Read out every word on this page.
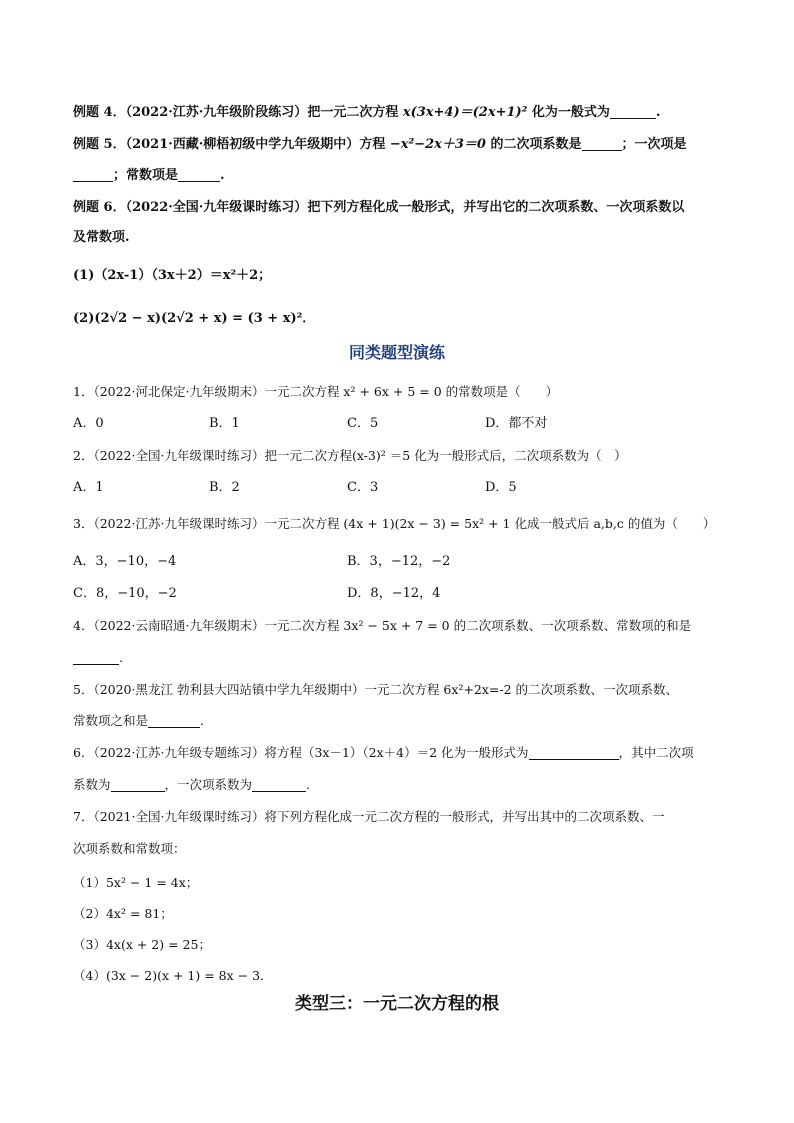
例题 4．（2022·江苏·九年级阶段练习）把一元二次方程 x(3x+4)＝(2x+1)² 化为一般式为	.
例题 5．（2021·西藏·柳梧初级中学九年级期中）方程 −x²−2x＋3＝0 的二次项系数是	；一次项是
；常数项是	.
例题 6．（2022·全国·九年级课时练习）把下列方程化成一般形式，并写出它的二次项系数、一次项系数以
及常数项.
(1)（2x-1）（3x＋2）＝x²＋2；
(2)(2√2 − x)(2√2 + x) = (3 + x)²．
同类题型演练
1．（2022·河北保定·九年级期末）一元二次方程 x² + 6x + 5 = 0 的常数项是（　　）
A．0	B．1	C．5	D．都不对
2．（2022·全国·九年级课时练习）把一元二次方程(x-3)² ＝5 化为一般形式后，二次项系数为（　）
A．1	B．2	C．3	D．5
3．（2022·江苏·九年级课时练习）一元二次方程 (4x + 1)(2x − 3) = 5x² + 1 化成一般式后 a,b,c 的值为（　　）
A．3，−10，−4	B．3，−12，−2
C．8，−10，−2	D．8，−12，4
4．（2022·云南昭通·九年级期末）一元二次方程 3x² − 5x + 7 = 0 的二次项系数、一次项系数、常数项的和是
.
5．（2020·黑龙江 勃利县大四站镇中学九年级期中）一元二次方程 6x²+2x=-2 的二次项系数、一次项系数、
常数项之和是	.
6．（2022·江苏·九年级专题练习）将方程（3x－1）（2x＋4）＝2 化为一般形式为	，其中二次项
系数为	，一次项系数为	.
7．（2021·全国·九年级课时练习）将下列方程化成一元二次方程的一般形式，并写出其中的二次项系数、一
次项系数和常数项：
（1）5x² − 1 = 4x；
（2）4x² = 81；
（3）4x(x + 2) = 25；
（4）(3x − 2)(x + 1) = 8x − 3．
类型三：一元二次方程的根
